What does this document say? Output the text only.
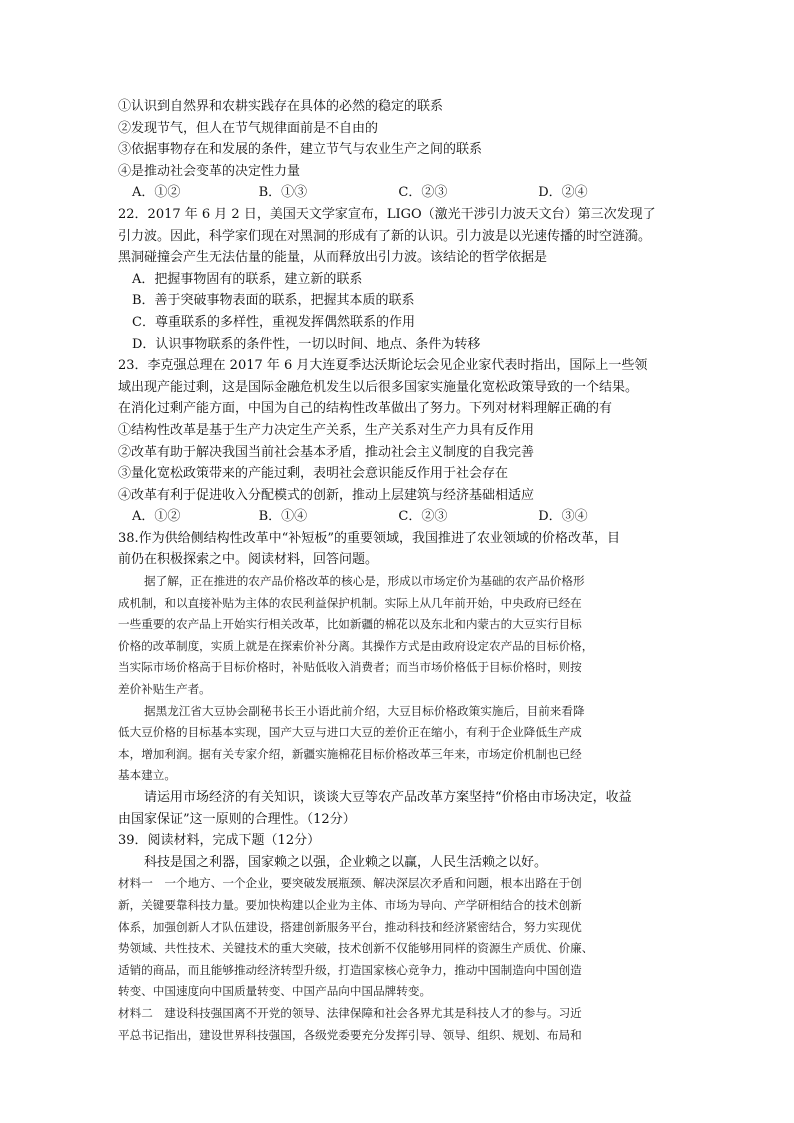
①认识到自然界和农耕实践存在具体的必然的稳定的联系
②发现节气，但人在节气规律面前是不自由的
③依据事物存在和发展的条件，建立节气与农业生产之间的联系
④是推动社会变革的决定性力量
A．①②	B．①③	C．②③	D．②④
22．2017 年 6 月 2 日，美国天文学家宣布，LIGO（激光干涉引力波天文台）第三次发现了
引力波。因此，科学家们现在对黑洞的形成有了新的认识。引力波是以光速传播的时空涟漪。
黑洞碰撞会产生无法估量的能量，从而释放出引力波。该结论的哲学依据是
A．把握事物固有的联系，建立新的联系
B．善于突破事物表面的联系，把握其本质的联系
C．尊重联系的多样性，重视发挥偶然联系的作用
D．认识事物联系的条件性，一切以时间、地点、条件为转移
23．李克强总理在 2017 年 6 月大连夏季达沃斯论坛会见企业家代表时指出，国际上一些领
域出现产能过剩，这是国际金融危机发生以后很多国家实施量化宽松政策导致的一个结果。
在消化过剩产能方面，中国为自己的结构性改革做出了努力。下列对材料理解正确的有
①结构性改革是基于生产力决定生产关系，生产关系对生产力具有反作用
②改革有助于解决我国当前社会基本矛盾，推动社会主义制度的自我完善
③量化宽松政策带来的产能过剩，表明社会意识能反作用于社会存在
④改革有利于促进收入分配模式的创新，推动上层建筑与经济基础相适应
A．①②	B．①④	C．②③	D．③④
38.作为供给侧结构性改革中“补短板”的重要领域，我国推进了农业领域的价格改革，目
前仍在积极探索之中。阅读材料，回答问题。
据了解，正在推进的农产品价格改革的核心是，形成以市场定价为基础的农产品价格形
成机制，和以直接补贴为主体的农民利益保护机制。实际上从几年前开始，中央政府已经在
一些重要的农产品上开始实行相关改革，比如新疆的棉花以及东北和内蒙古的大豆实行目标
价格的改革制度，实质上就是在探索价补分离。其操作方式是由政府设定农产品的目标价格，
当实际市场价格高于目标价格时，补贴低收入消费者；而当市场价格低于目标价格时，则按
差价补贴生产者。
据黑龙江省大豆协会副秘书长王小语此前介绍，大豆目标价格政策实施后，目前来看降
低大豆价格的目标基本实现，国产大豆与进口大豆的差价正在缩小，有利于企业降低生产成
本，增加利润。据有关专家介绍，新疆实施棉花目标价格改革三年来，市场定价机制也已经
基本建立。
请运用市场经济的有关知识，谈谈大豆等农产品改革方案坚持“价格由市场决定，收益
由国家保证”这一原则的合理性。（12分）
39．阅读材料，完成下题（12分）
科技是国之利器，国家赖之以强，企业赖之以赢，人民生活赖之以好。
材料一　一个地方、一个企业，要突破发展瓶颈、解决深层次矛盾和问题，根本出路在于创
新，关键要靠科技力量。要加快构建以企业为主体、市场为导向、产学研相结合的技术创新
体系，加强创新人才队伍建设，搭建创新服务平台，推动科技和经济紧密结合，努力实现优
势领域、共性技术、关键技术的重大突破，技术创新不仅能够用同样的资源生产质优、价廉、
适销的商品，而且能够推动经济转型升级，打造国家核心竞争力，推动中国制造向中国创造
转变、中国速度向中国质量转变、中国产品向中国品牌转变。
材料二　建设科技强国离不开党的领导、法律保障和社会各界尤其是科技人才的参与。习近
平总书记指出，建设世界科技强国，各级党委要充分发挥引导、领导、组织、规划、布局和
